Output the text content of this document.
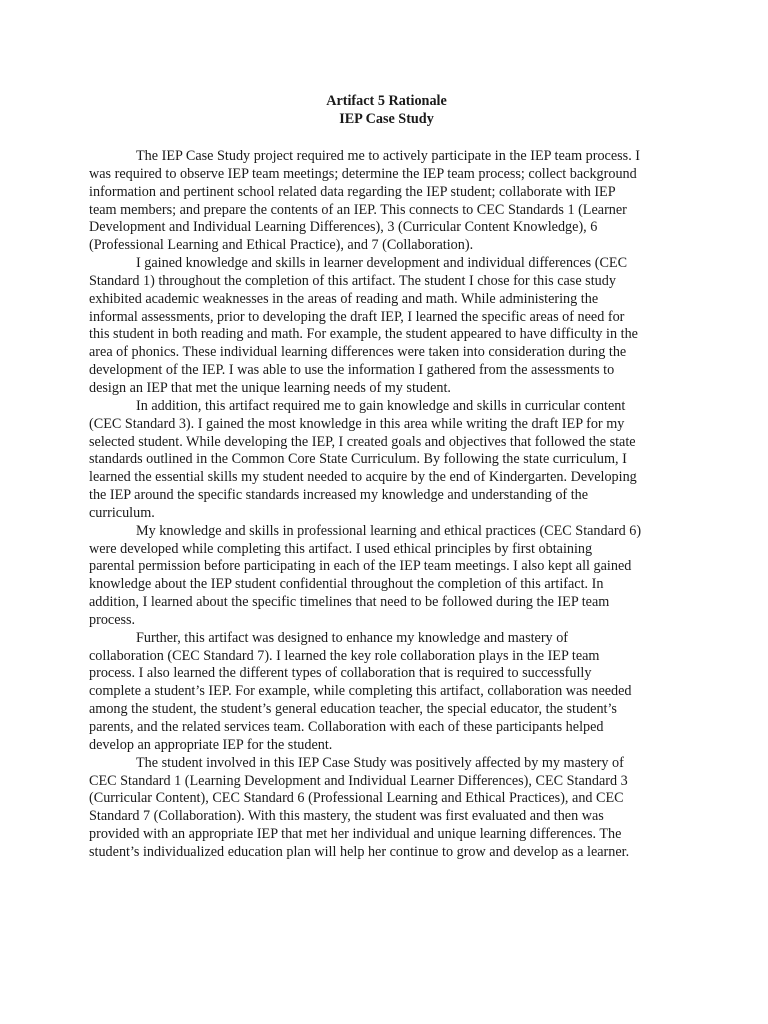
Artifact 5 Rationale

IEP Case Study

The IEP Case Study project required me to actively participate in the IEP team process. I
was required to observe IEP team meetings; determine the IEP team process; collect background
information and pertinent school related data regarding the IEP student; collaborate with IEP
team members; and prepare the contents of an IEP. This connects to CEC Standards 1 (Learner
Development and Individual Learning Differences), 3 (Curricular Content Knowledge), 6
(Professional Learning and Ethical Practice), and 7 (Collaboration).
I gained knowledge and skills in learner development and individual differences (CEC
Standard 1) throughout the completion of this artifact. The student I chose for this case study
exhibited academic weaknesses in the areas of reading and math. While administering the
informal assessments, prior to developing the draft IEP, I learned the specific areas of need for
this student in both reading and math. For example, the student appeared to have difficulty in the
area of phonics. These individual learning differences were taken into consideration during the
development of the IEP. I was able to use the information I gathered from the assessments to
design an IEP that met the unique learning needs of my student.
In addition, this artifact required me to gain knowledge and skills in curricular content
(CEC Standard 3). I gained the most knowledge in this area while writing the draft IEP for my
selected student. While developing the IEP, I created goals and objectives that followed the state
standards outlined in the Common Core State Curriculum. By following the state curriculum, I
learned the essential skills my student needed to acquire by the end of Kindergarten. Developing
the IEP around the specific standards increased my knowledge and understanding of the
curriculum.
My knowledge and skills in professional learning and ethical practices (CEC Standard 6)
were developed while completing this artifact. I used ethical principles by first obtaining
parental permission before participating in each of the IEP team meetings. I also kept all gained
knowledge about the IEP student confidential throughout the completion of this artifact. In
addition, I learned about the specific timelines that need to be followed during the IEP team
process.
Further, this artifact was designed to enhance my knowledge and mastery of
collaboration (CEC Standard 7). I learned the key role collaboration plays in the IEP team
process. I also learned the different types of collaboration that is required to successfully
complete a student’s IEP. For example, while completing this artifact, collaboration was needed
among the student, the student’s general education teacher, the special educator, the student’s
parents, and the related services team. Collaboration with each of these participants helped
develop an appropriate IEP for the student.
The student involved in this IEP Case Study was positively affected by my mastery of
CEC Standard 1 (Learning Development and Individual Learner Differences), CEC Standard 3
(Curricular Content), CEC Standard 6 (Professional Learning and Ethical Practices), and CEC
Standard 7 (Collaboration). With this mastery, the student was first evaluated and then was
provided with an appropriate IEP that met her individual and unique learning differences. The
student’s individualized education plan will help her continue to grow and develop as a learner.
